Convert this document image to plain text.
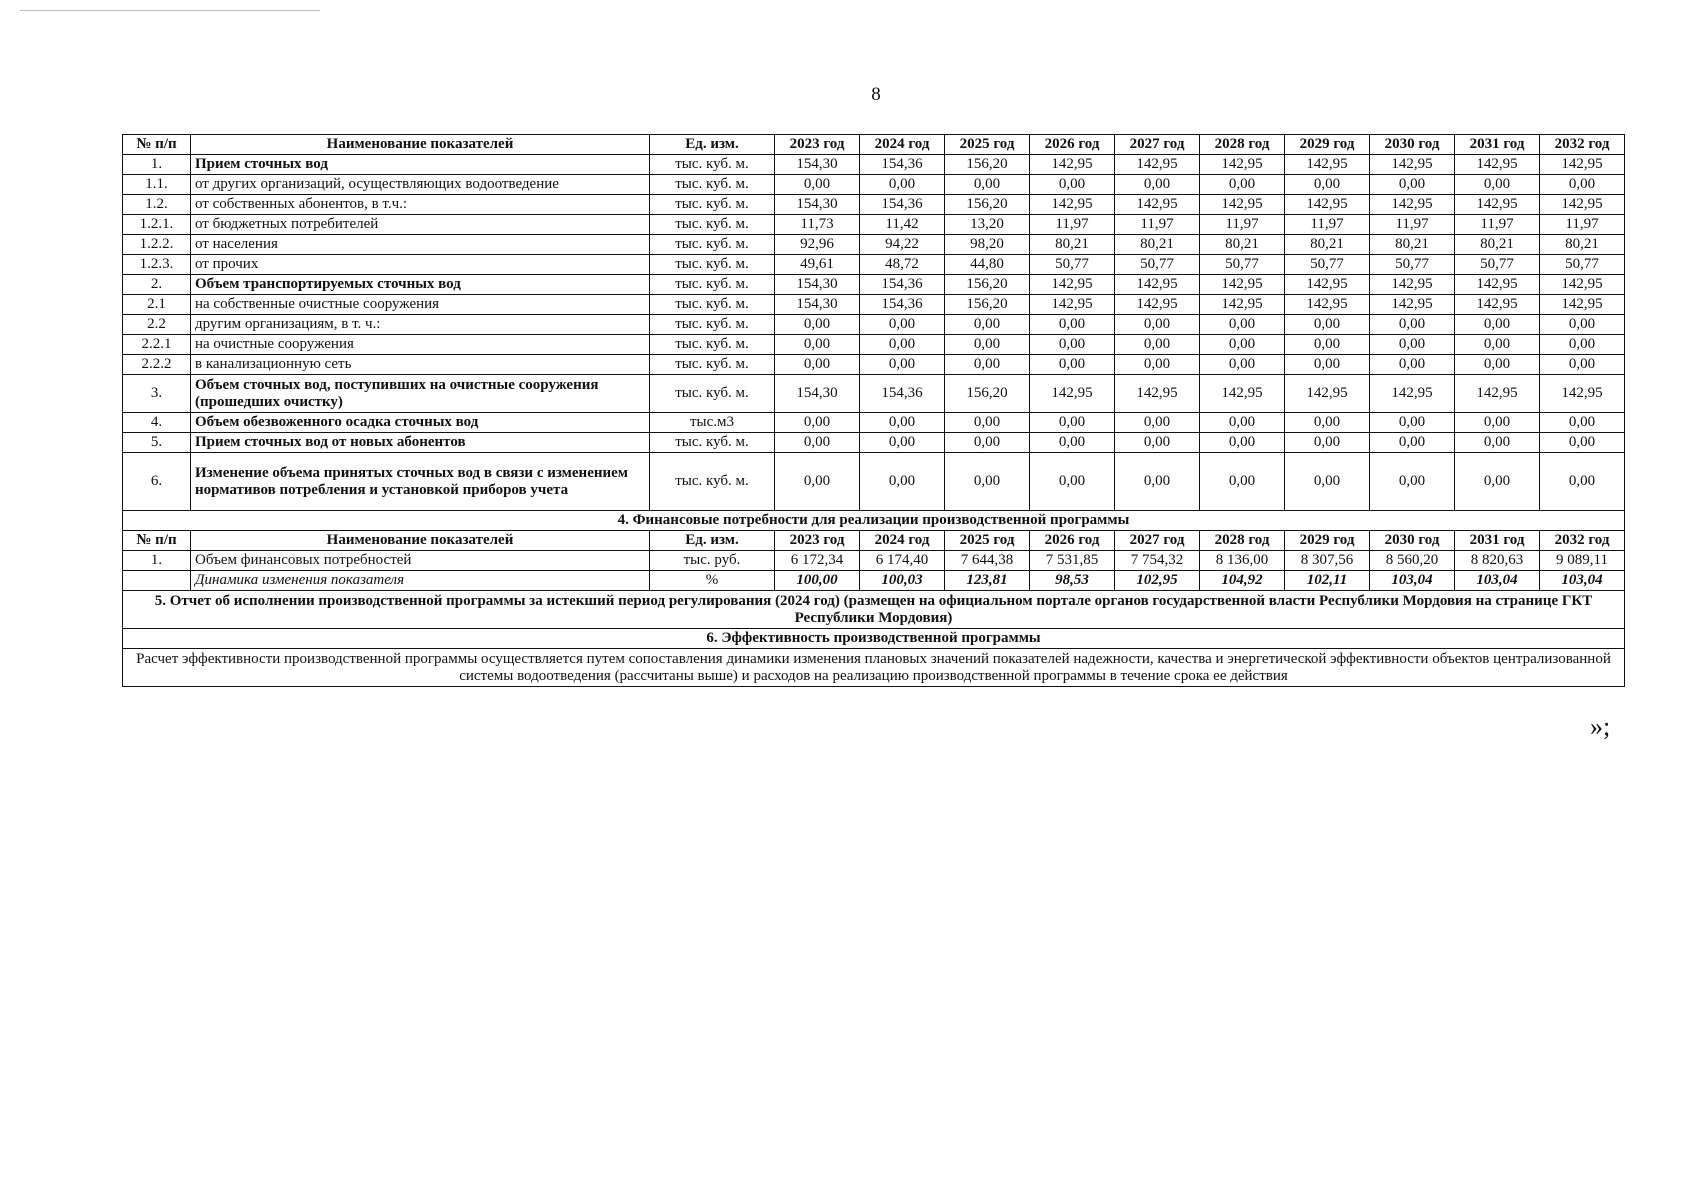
8
№ п/п	Наименование показателей	Ед. изм.	2023 год	2024 год	2025 год	2026 год	2027 год	2028 год	2029 год	2030 год	2031 год	2032 год
1.	Прием сточных вод	тыс. куб. м.	154,30	154,36	156,20	142,95	142,95	142,95	142,95	142,95	142,95	142,95
1.1.	от других организаций, осуществляющих водоотведение	тыс. куб. м.	0,00	0,00	0,00	0,00	0,00	0,00	0,00	0,00	0,00	0,00
1.2.	от собственных абонентов, в т.ч.:	тыс. куб. м.	154,30	154,36	156,20	142,95	142,95	142,95	142,95	142,95	142,95	142,95
1.2.1.	от бюджетных потребителей	тыс. куб. м.	11,73	11,42	13,20	11,97	11,97	11,97	11,97	11,97	11,97	11,97
1.2.2.	от населения	тыс. куб. м.	92,96	94,22	98,20	80,21	80,21	80,21	80,21	80,21	80,21	80,21
1.2.3.	от прочих	тыс. куб. м.	49,61	48,72	44,80	50,77	50,77	50,77	50,77	50,77	50,77	50,77
2.	Объем транспортируемых сточных вод	тыс. куб. м.	154,30	154,36	156,20	142,95	142,95	142,95	142,95	142,95	142,95	142,95
2.1	на собственные очистные сооружения	тыс. куб. м.	154,30	154,36	156,20	142,95	142,95	142,95	142,95	142,95	142,95	142,95
2.2	другим организациям, в т. ч.:	тыс. куб. м.	0,00	0,00	0,00	0,00	0,00	0,00	0,00	0,00	0,00	0,00
2.2.1	на очистные сооружения	тыс. куб. м.	0,00	0,00	0,00	0,00	0,00	0,00	0,00	0,00	0,00	0,00
2.2.2	в канализационную сеть	тыс. куб. м.	0,00	0,00	0,00	0,00	0,00	0,00	0,00	0,00	0,00	0,00
3.	Объем сточных вод, поступивших на очистные сооружения (прошедших очистку)	тыс. куб. м.	154,30	154,36	156,20	142,95	142,95	142,95	142,95	142,95	142,95	142,95
4.	Объем обезвоженного осадка сточных вод	тыс.м3	0,00	0,00	0,00	0,00	0,00	0,00	0,00	0,00	0,00	0,00
5.	Прием сточных вод от новых абонентов	тыс. куб. м.	0,00	0,00	0,00	0,00	0,00	0,00	0,00	0,00	0,00	0,00
6.	Изменение объема принятых сточных вод в связи с изменением нормативов потребления и установкой приборов учета	тыс. куб. м.	0,00	0,00	0,00	0,00	0,00	0,00	0,00	0,00	0,00	0,00
4. Финансовые потребности для реализации производственной программы												
№ п/п	Наименование показателей	Ед. изм.	2023 год	2024 год	2025 год	2026 год	2027 год	2028 год	2029 год	2030 год	2031 год	2032 год
1.	Объем финансовых потребностей	тыс. руб.	6 172,34	6 174,40	7 644,38	7 531,85	7 754,32	8 136,00	8 307,56	8 560,20	8 820,63	9 089,11
	Динамика изменения показателя	%	100,00	100,03	123,81	98,53	102,95	104,92	102,11	103,04	103,04	103,04
5. Отчет об исполнении производственной программы за истекший период регулирования (2024 год) (размещен на официальном портале органов государственной власти Республики Мордовия на странице ГКТ Республики Мордовия)												
6. Эффективность производственной программы												
Расчет эффективности производственной программы осуществляется путем сопоставления динамики изменения плановых значений показателей надежности, качества и энергетической эффективности объектов централизованной системы водоотведения (рассчитаны выше) и расходов на реализацию производственной программы в течение срока ее действия												
»;
